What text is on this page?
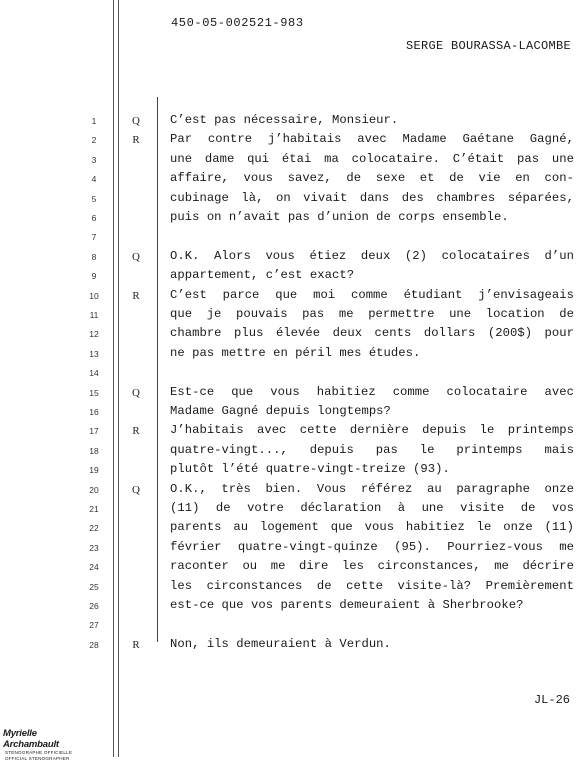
450-05-002521-983
SERGE BOURASSA-LACOMBE
1	Q	C’est pas nécessaire, Monsieur.
2	R	Par contre j’habitais avec Madame Gaétane Gagné,
3	une dame qui étai ma colocataire. C’était pas une
4	affaire, vous savez, de sexe et de vie en con-
5	cubinage là, on vivait dans des chambres séparées,
6	puis on n’avait pas d’union de corps ensemble.
7
8	Q	O.K. Alors vous étiez deux (2) colocataires d’un
9	appartement, c’est exact?
10	R	C’est parce que moi comme étudiant j’envisageais
11	que je pouvais pas me permettre une location de
12	chambre plus élevée deux cents dollars (200$) pour
13	ne pas mettre en péril mes études.
14
15	Q	Est-ce que vous habitiez comme colocataire avec
16	Madame Gagné depuis longtemps?
17	R	J’habitais avec cette dernière depuis le printemps
18	quatre-vingt..., depuis pas le printemps mais
19	plutôt l’été quatre-vingt-treize (93).
20	Q	O.K., très bien. Vous référez au paragraphe onze
21	(11) de votre déclaration à une visite de vos
22	parents au logement que vous habitiez le onze (11)
23	février quatre-vingt-quinze (95). Pourriez-vous me
24	raconter ou me dire les circonstances, me décrire
25	les circonstances de cette visite-là? Premièrement
26	est-ce que vos parents demeuraient à Sherbrooke?
27
28	R	Non, ils demeuraient à Verdun.
JL-26
Myrielle Archambault
STÉNOGRAPHE OFFICIELLE
OFFICIAL STENOGRAPHER
